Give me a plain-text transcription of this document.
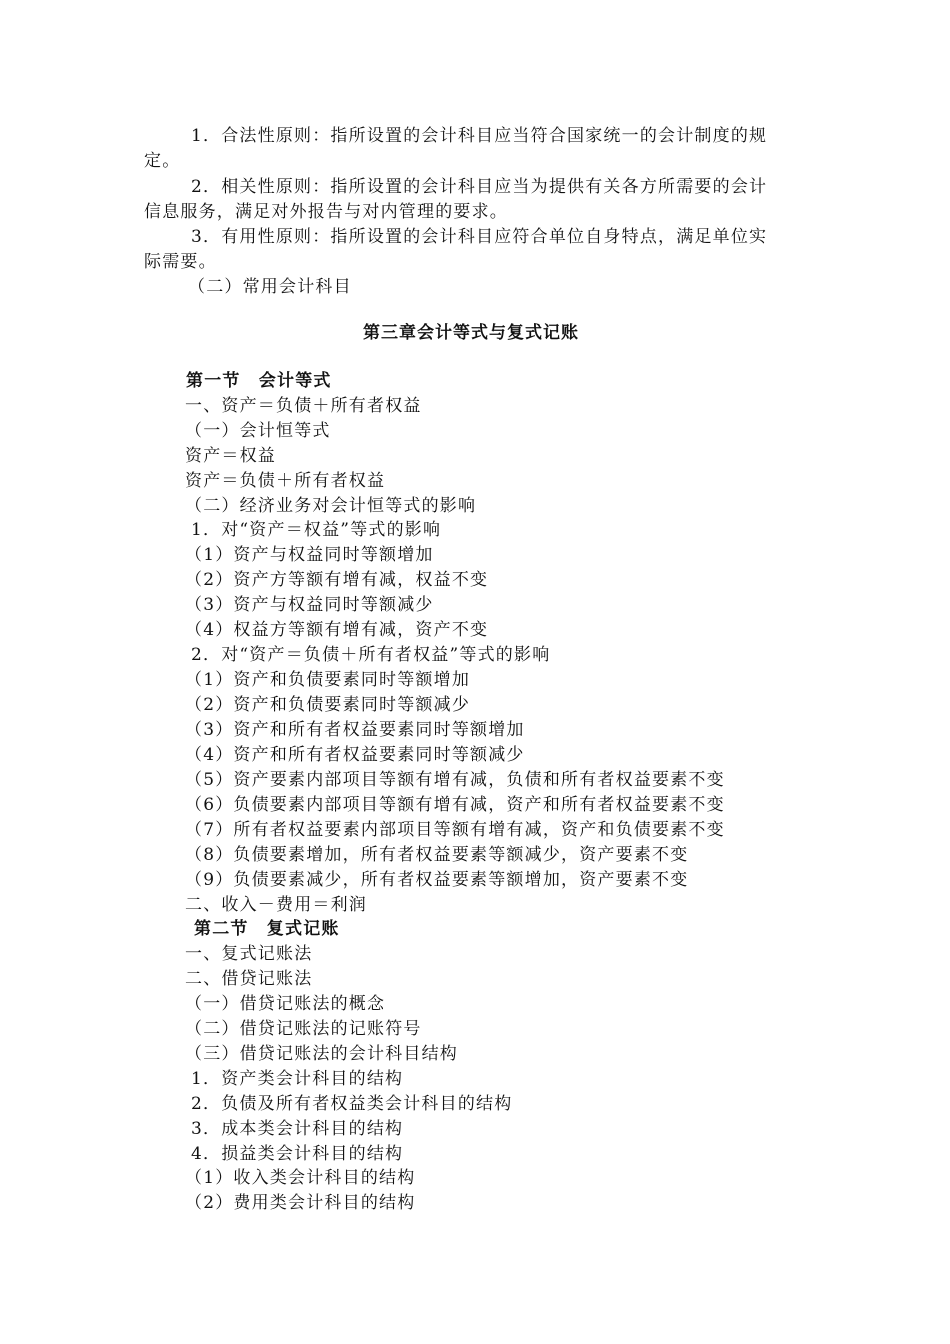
1．合法性原则：指所设置的会计科目应当符合国家统一的会计制度的规
定。
2．相关性原则：指所设置的会计科目应当为提供有关各方所需要的会计
信息服务，满足对外报告与对内管理的要求。
3．有用性原则：指所设置的会计科目应符合单位自身特点，满足单位实
际需要。
（二）常用会计科目
第三章会计等式与复式记账
第一节　会计等式
一、资产＝负债＋所有者权益
（一）会计恒等式
资产＝权益
资产＝负债＋所有者权益
（二）经济业务对会计恒等式的影响
1．对“资产＝权益”等式的影响
（1）资产与权益同时等额增加
（2）资产方等额有增有减，权益不变
（3）资产与权益同时等额减少
（4）权益方等额有增有减，资产不变
2．对“资产＝负债＋所有者权益”等式的影响
（1）资产和负债要素同时等额增加
（2）资产和负债要素同时等额减少
（3）资产和所有者权益要素同时等额增加
（4）资产和所有者权益要素同时等额减少
（5）资产要素内部项目等额有增有减，负债和所有者权益要素不变
（6）负债要素内部项目等额有增有减，资产和所有者权益要素不变
（7）所有者权益要素内部项目等额有增有减，资产和负债要素不变
（8）负债要素增加，所有者权益要素等额减少，资产要素不变
（9）负债要素减少，所有者权益要素等额增加，资产要素不变
二、收入－费用＝利润
第二节　复式记账
一、复式记账法
二、借贷记账法
（一）借贷记账法的概念
（二）借贷记账法的记账符号
（三）借贷记账法的会计科目结构
1．资产类会计科目的结构
2．负债及所有者权益类会计科目的结构
3．成本类会计科目的结构
4．损益类会计科目的结构
（1）收入类会计科目的结构
（2）费用类会计科目的结构
